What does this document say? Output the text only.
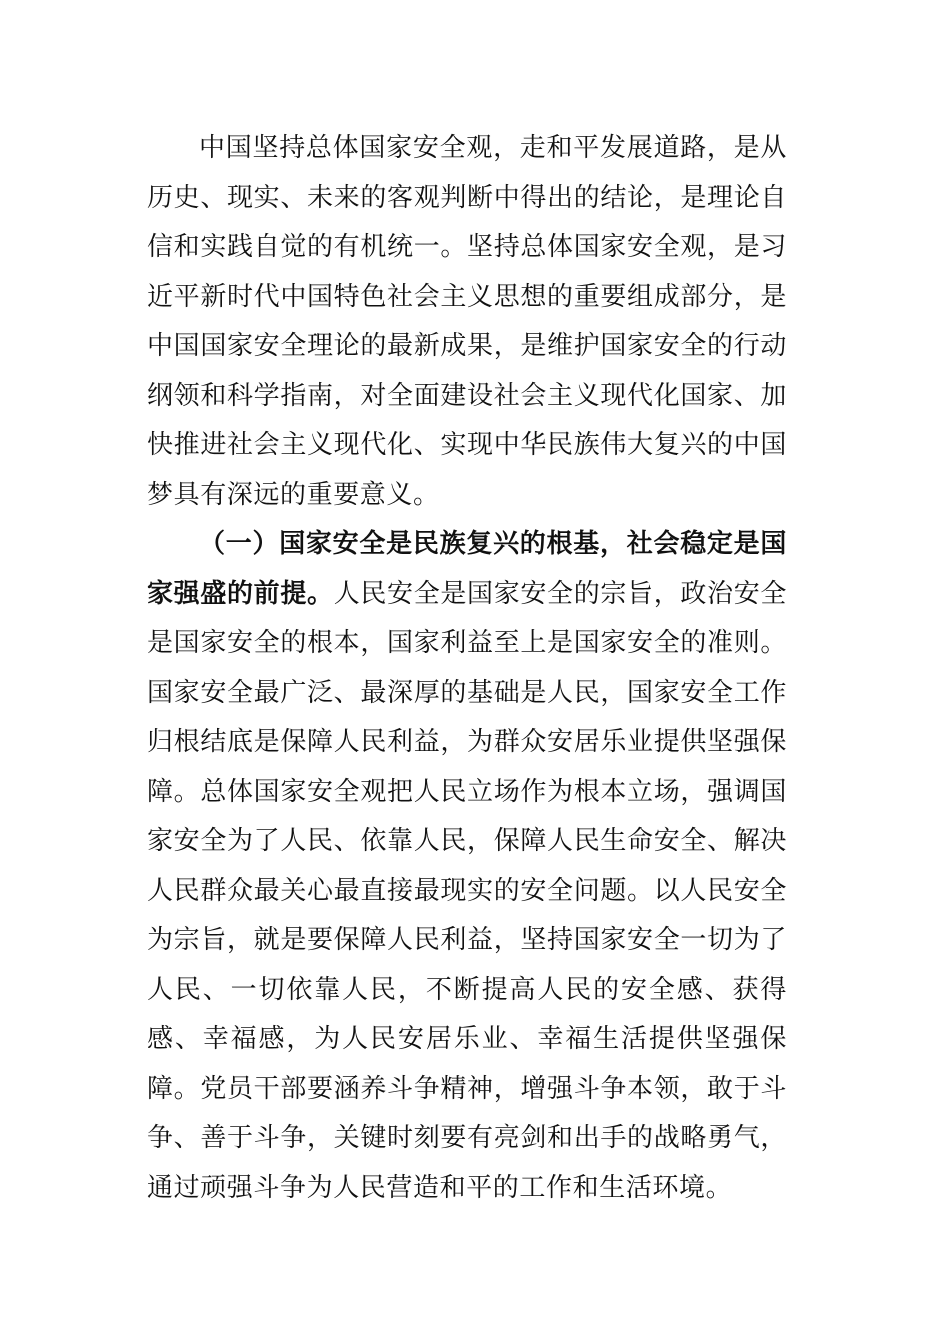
中国坚持总体国家安全观，走和平发展道路，是从历史、现实、未来的客观判断中得出的结论，是理论自信和实践自觉的有机统一。坚持总体国家安全观，是习近平新时代中国特色社会主义思想的重要组成部分，是中国国家安全理论的最新成果，是维护国家安全的行动纲领和科学指南，对全面建设社会主义现代化国家、加快推进社会主义现代化、实现中华民族伟大复兴的中国梦具有深远的重要意义。

（一）国家安全是民族复兴的根基，社会稳定是国家强盛的前提。人民安全是国家安全的宗旨，政治安全是国家安全的根本，国家利益至上是国家安全的准则。国家安全最广泛、最深厚的基础是人民，国家安全工作归根结底是保障人民利益，为群众安居乐业提供坚强保障。总体国家安全观把人民立场作为根本立场，强调国家安全为了人民、依靠人民，保障人民生命安全、解决人民群众最关心最直接最现实的安全问题。以人民安全为宗旨，就是要保障人民利益，坚持国家安全一切为了人民、一切依靠人民，不断提高人民的安全感、获得感、幸福感，为人民安居乐业、幸福生活提供坚强保障。党员干部要涵养斗争精神，增强斗争本领，敢于斗争、善于斗争，关键时刻要有亮剑和出手的战略勇气，通过顽强斗争为人民营造和平的工作和生活环境。
